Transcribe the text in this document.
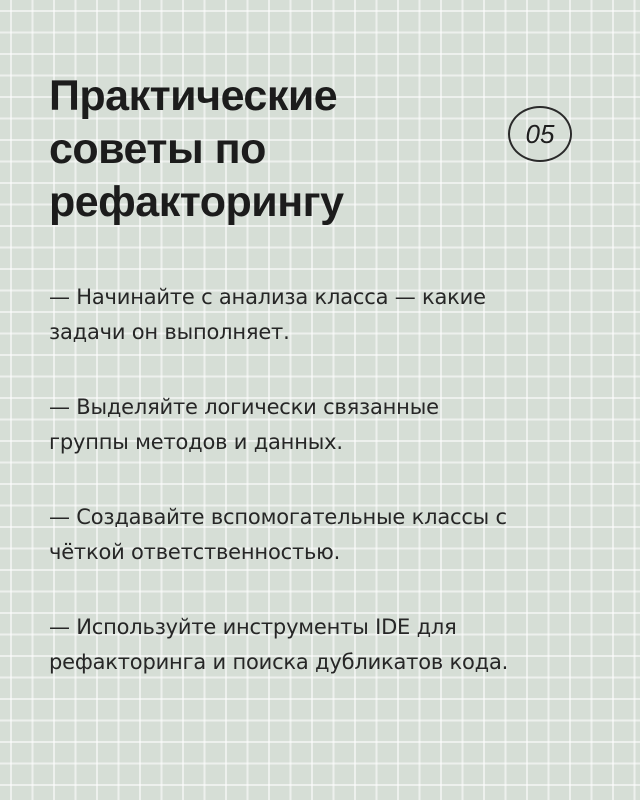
Практические
советы по
рефакторингу
05
— Начинайте с анализа класса — какие
задачи он выполняет.
— Выделяйте логически связанные
группы методов и данных.
— Создавайте вспомогательные классы с
чёткой ответственностью.
— Используйте инструменты IDE для
рефакторинга и поиска дубликатов кода.
